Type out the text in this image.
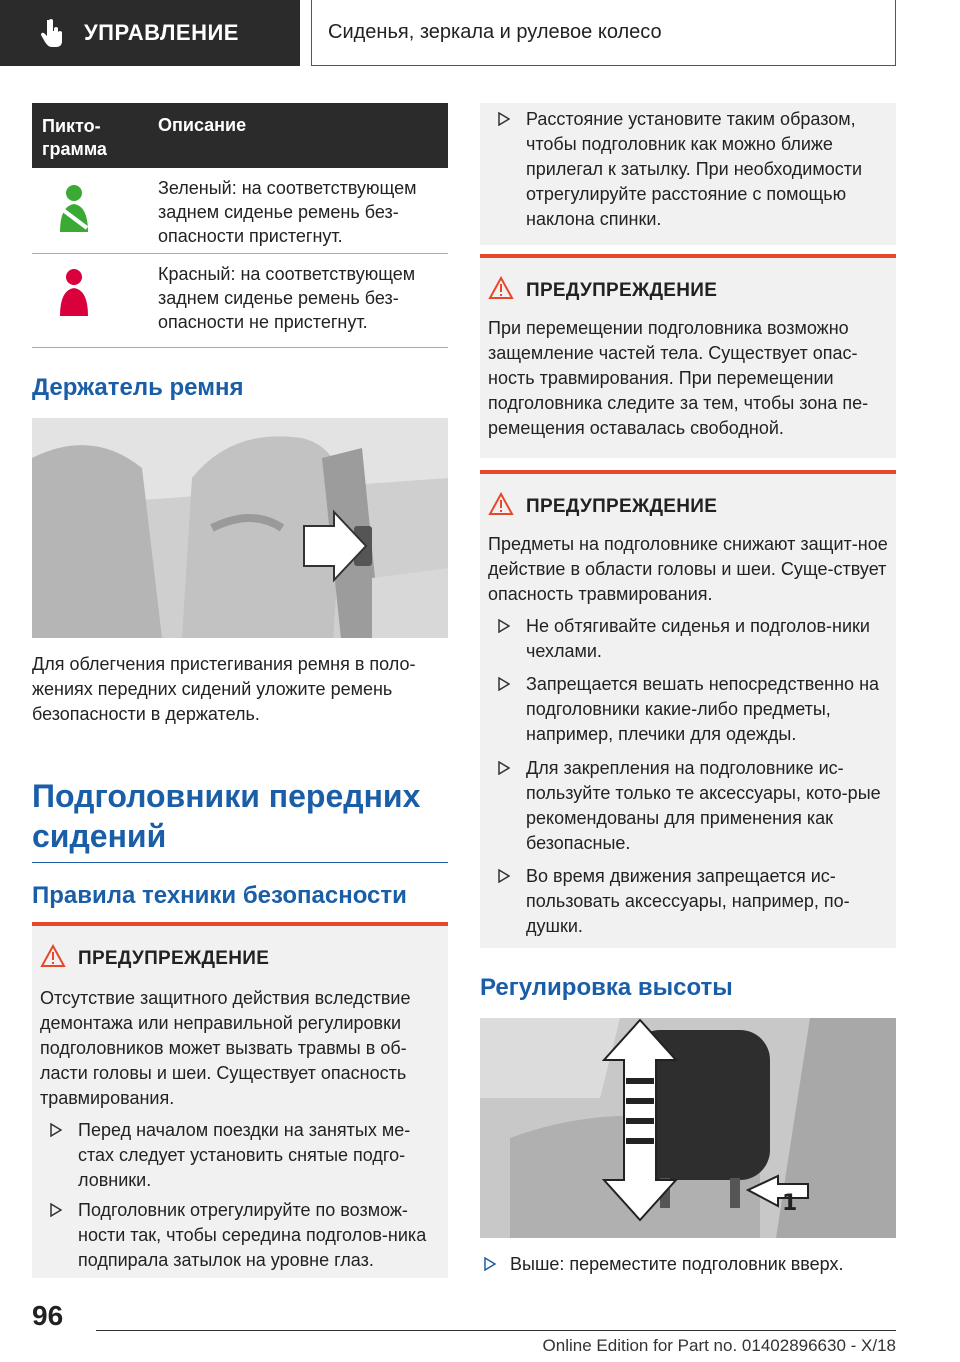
УПРАВЛЕНИЕ	Сиденья, зеркала и рулевое колесо
Пикто-
грамма
Описание
Зеленый: на соответствующем заднем сиденье ремень без-опасности пристегнут.
Красный: на соответствующем заднем сиденье ремень без-опасности не пристегнут.
Держатель ремня
Для облегчения пристегивания ремня в поло-жениях передних сидений уложите ремень безопасности в держатель.
Подголовники передних сидений
Правила техники безопасности
ПРЕДУПРЕЖДЕНИЕ
Отсутствие защитного действия вследствие демонтажа или неправильной регулировки подголовников может вызвать травмы в об-ласти головы и шеи. Существует опасность травмирования.
Перед началом поездки на занятых ме-стах следует установить снятые подго-ловники.
Подголовник отрегулируйте по возмож-ности так, чтобы середина подголов-ника подпирала затылок на уровне глаз.
Расстояние установите таким образом, чтобы подголовник как можно ближе прилегал к затылку. При необходимости отрегулируйте расстояние с помощью наклона спинки.
ПРЕДУПРЕЖДЕНИЕ
При перемещении подголовника возможно защемление частей тела. Существует опас-ность травмирования. При перемещении подголовника следите за тем, чтобы зона пе-ремещения оставалась свободной.
ПРЕДУПРЕЖДЕНИЕ
Предметы на подголовнике снижают защит-ное действие в области головы и шеи. Суще-ствует опасность травмирования.
Не обтягивайте сиденья и подголов-ники чехлами.
Запрещается вешать непосредственно на подголовники какие-либо предметы, например, плечики для одежды.
Для закрепления на подголовнике ис-пользуйте только те аксессуары, кото-рые рекомендованы для применения как безопасные.
Во время движения запрещается ис-пользовать аксессуары, например, по-душки.
Регулировка высоты
1
Выше: переместите подголовник вверх.
96
Online Edition for Part no. 01402896630 - X/18
